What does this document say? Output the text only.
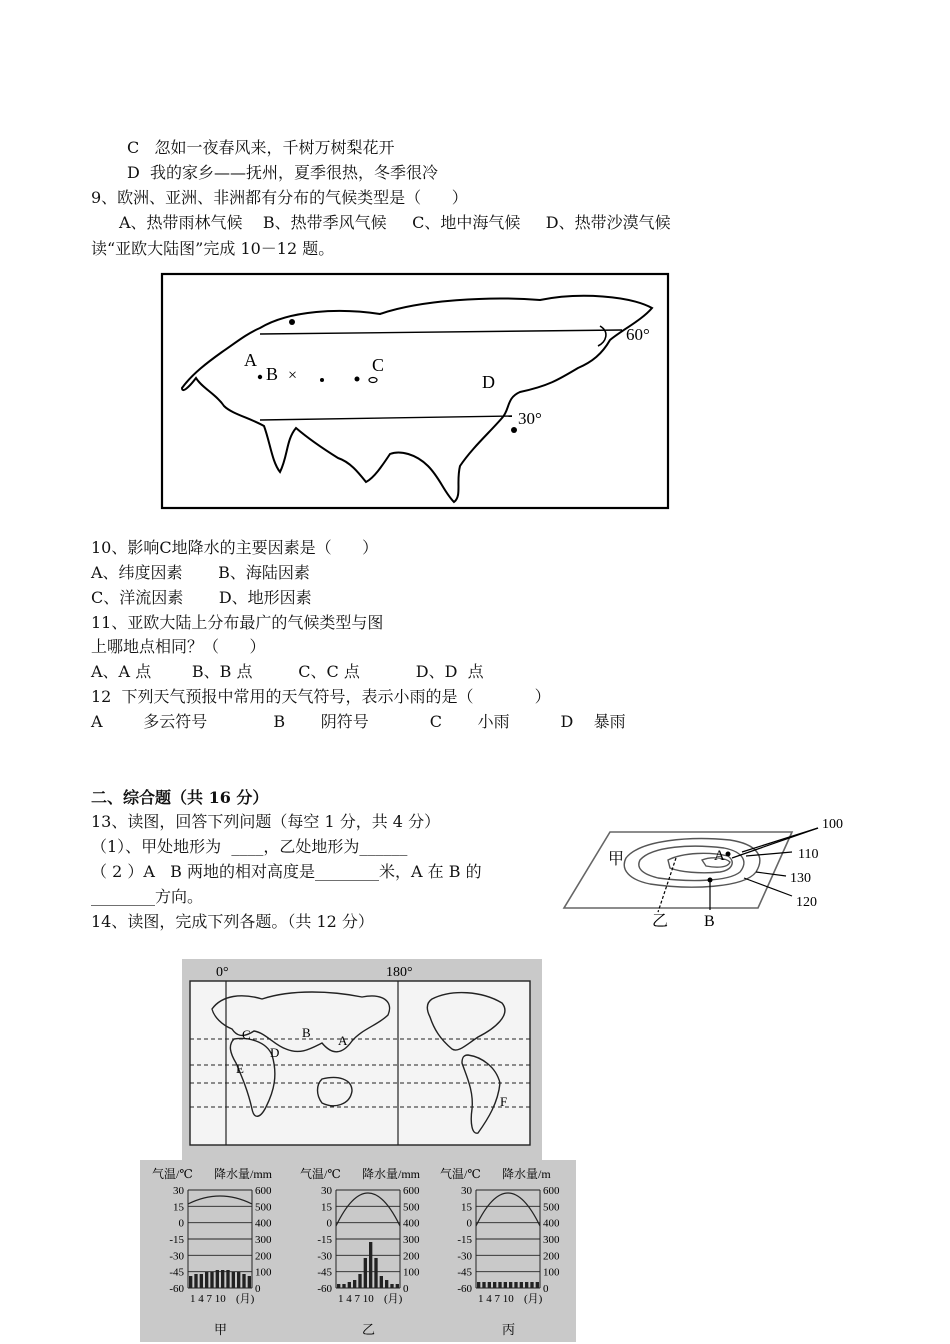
C   忽如一夜春风来，千树万树梨花开
D  我的家乡——抚州，夏季很热，冬季很冷
9、欧洲、亚洲、非洲都有分布的气候类型是（      ）
A、热带雨林气候    B、热带季风气候     C、地中海气候     D、热带沙漠气候
读“亚欧大陆图”完成 10－12 题。
A
B ×
C
D
60°
30°
10、影响C地降水的主要因素是（      ）
A、纬度因素       B、海陆因素
C、洋流因素       D、地形因素
11、亚欧大陆上分布最广的气候类型与图
上哪地点相同？（      ）
A、A 点        B、B 点         C、C 点           D、D  点
12  下列天气预报中常用的天气符号，表示小雨的是（            ）
A        多云符号             B       阴符号            C       小雨          D    暴雨
二、综合题（共 16 分）
13、读图，回答下列问题（每空 1 分，共 4 分）
（1）、甲处地形为  ____，乙处地形为______
（ 2 ）A   B 两地的相对高度是________米，A 在 B 的
________方向。
14、读图，完成下列各题。（共 12 分）
甲
乙
A
B
100
110
130
120
0°	180°
C	B
A
D
E
F
气温/℃ 降水量/mm
30	600
15	500
0	400
-15	300
-30	200
-45	100
-60	0
1 4 7 10 (月)
甲
气温/℃ 降水量/mm
30	600
15	500
0	400
-15	300
-30	200
-45	100
-60	0
1 4 7 10 (月)
乙
气温/℃ 降水量/m
30	600
15	500
0	400
-15	300
-30	200
-45	100
-60	0
1 4 7 10 (月)
丙
